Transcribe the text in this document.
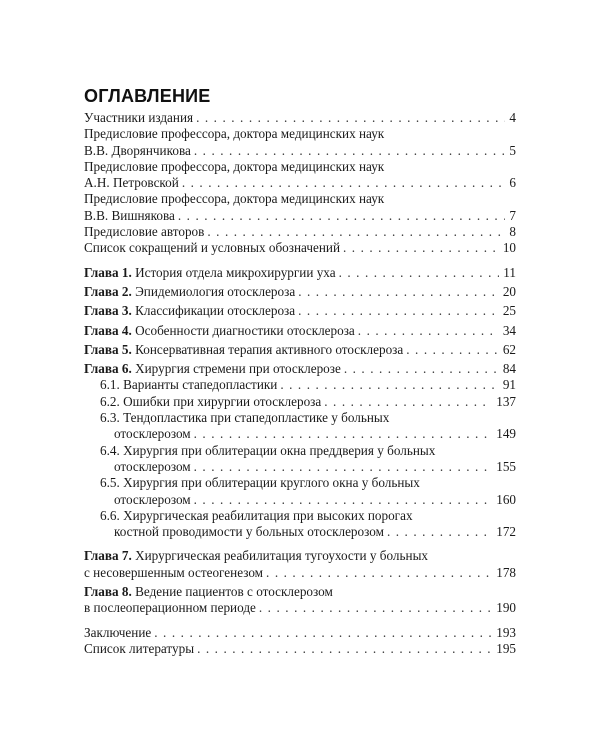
ОГЛАВЛЕНИЕ
Участники издания . . .	4
Предисловие профессора, доктора медицинских наук
В.В. Дворянчикова . . .	5
Предисловие профессора, доктора медицинских наук
А.Н. Петровской . . .	6
Предисловие профессора, доктора медицинских наук
В.В. Вишнякова . . .	7
Предисловие авторов . . .	8
Список сокращений и условных обозначений . . .	10
Глава 1. История отдела микрохирургии уха . . .	11
Глава 2. Эпидемиология отосклероза . . .	20
Глава 3. Классификации отосклероза . . .	25
Глава 4. Особенности диагностики отосклероза . . .	34
Глава 5. Консервативная терапия активного отосклероза . . .	62
Глава 6. Хирургия стремени при отосклерозе . . .	84
6.1. Варианты стапедопластики . . .	91
6.2. Ошибки при хирургии отосклероза . . .	137
6.3. Тендопластика при стапедопластике у больных
отосклерозом . . .	149
6.4. Хирургия при облитерации окна преддверия у больных
отосклерозом . . .	155
6.5. Хирургия при облитерации круглого окна у больных
отосклерозом . . .	160
6.6. Хирургическая реабилитация при высоких порогах
костной проводимости у больных отосклерозом . . .	172
Глава 7. Хирургическая реабилитация тугоухости у больных
с несовершенным остеогенезом . . .	178
Глава 8. Ведение пациентов с отосклерозом
в послеоперационном периоде . . .	190
Заключение . . .	193
Список литературы . . .	195
